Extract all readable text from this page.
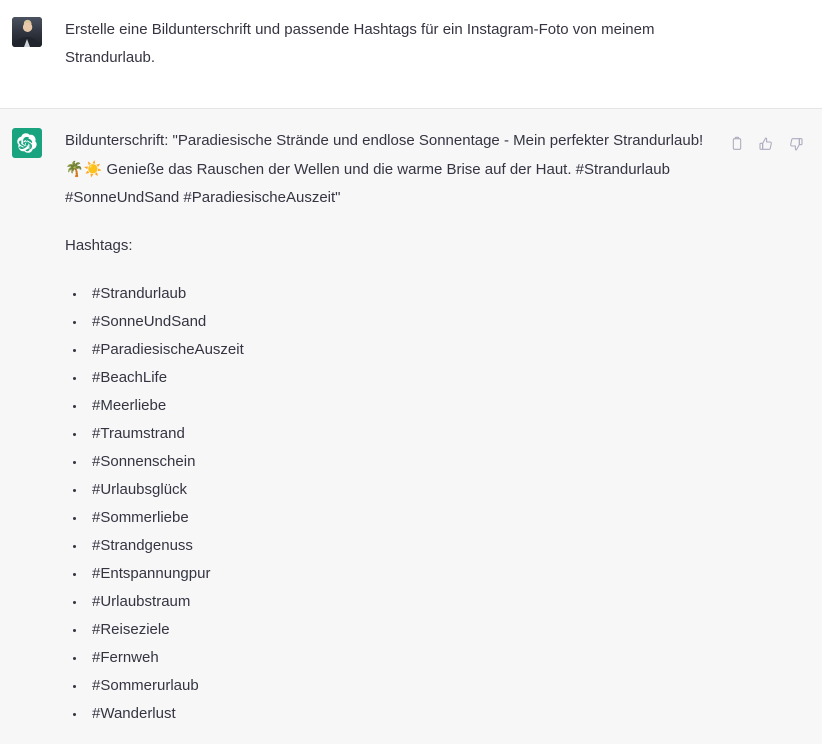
Erstelle eine Bildunterschrift und passende Hashtags für ein Instagram-Foto von meinem Strandurlaub.

Bildunterschrift: "Paradiesische Strände und endlose Sonnentage - Mein perfekter Strandurlaub! 🌴☀️ Genieße das Rauschen der Wellen und die warme Brise auf der Haut. #Strandurlaub #SonneUndSand #ParadiesischeAuszeit"

Hashtags:

#Strandurlaub
#SonneUndSand
#ParadiesischeAuszeit
#BeachLife
#Meerliebe
#Traumstrand
#Sonnenschein
#Urlaubsglück
#Sommerliebe
#Strandgenuss
#Entspannungpur
#Urlaubstraum
#Reiseziele
#Fernweh
#Sommerurlaub
#Wanderlust
